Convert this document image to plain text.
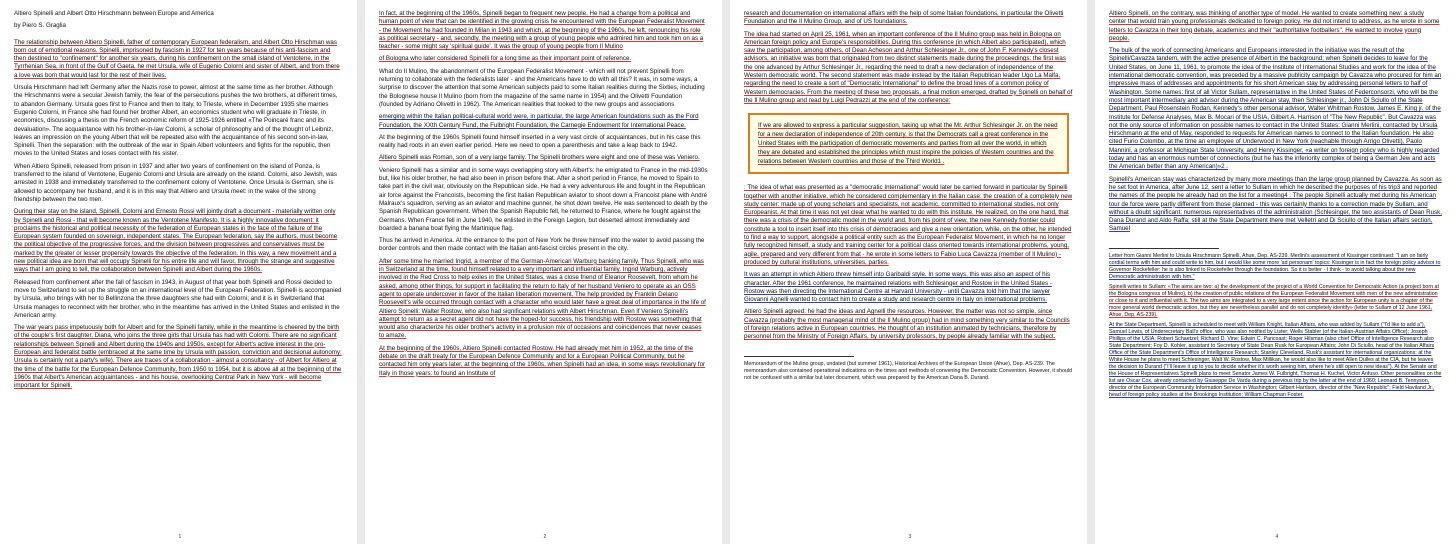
Altiero Spinelli and Albert Otto Hirschmann between Europe and America

by Piero S. Graglia

The relationship between Altiero Spinelli, father of contemporary European federalism, and Albert Otto Hirschman was born out of emotional reasons. Spinelli, imprisoned by fascism in 1927 for ten years because of his anti-fascism and then destined to "confinement" for another six years, during his confinement on the small island of Ventotene, in the Tyrrhenian Sea, in front of the Gulf of Gaeta, he met Ursula, wife of Eugenio Colorni and sister of Albert, and from there a love was born that would last for the rest of their lives.

Ursula Hirschmann had left Germany after the Nazis rose to power, almost at the same time as her brother. Although the Hirschmanns were a secular Jewish family, the fear of the persecutions pushes the two brothers, at different times, to abandon Germany. Ursula goes first to France and then to Italy, to Trieste, where in December 1935 she marries Eugenio Colorni, in France she had found her brother Albert, an economics student who will graduate in Trieste, in economics, discussing a thesis on the French economic reform of 1925-1926 entitled «The Poincaré franc and its devaluation». The acquaintance with his brother-in-law Colorni, a scholar of philosophy and of the thought of Leibniz, leaves an impression on the young Albert that will be repeated also with the acquaintance of his second son-in-law, Spinelli. Then the separation: with the outbreak of the war in Spain Albert volunteers and fights for the republic, then moves to the United States and loses contact with his sister.

When Altiero Spinelli, released from prison in 1937 and after two years of confinement on the island of Ponza, is transferred to the island of Ventotene, Eugenio Colorni and Ursula are already on the island. Colorni, also Jewish, was arrested in 1938 and immediately transferred to the confinement colony of Ventotene. Once Ursula is German, she is allowed to accompany her husband, and it is in this way that Altiero and Ursula meet: in the wake of the strong friendship between the two men.

During their stay on the island, Spinelli, Colorni and Ernesto Rossi will jointly draft a document - materially written only by Spinelli and Rossi - that will become known as the Ventotene Manifesto. It is a highly innovative document: it proclaims the historical and political necessity of the federation of European states in the face of the failure of the European system founded on sovereign, independent states. The European federation, say the authors, must become the political objective of the progressive forces, and the division between progressives and conservatives must be marked by the greater or lesser propensity towards the objective of the federation. In this way, a new movement and a new political idea are born that will occupy Spinelli for his entire life and will favor, through the strange and suggestive ways that I am going to tell, the collaboration between Spinelli and Albert during the 1960s.

Released from confinement after the fall of fascism in 1943, in August of that year both Spinelli and Rossi decided to move to Switzerland to set up the struggle on an international level of the European Federation. Spinelli is accompanied by Ursula, who brings with her to Bellinzona the three daughters she had with Colorni; and it is in Switzerland that Ursula manages to reconnect with her brother, who in the meantime has arrived in the United States and enlisted in the American army.

The war years pass impetuously both for Albert and for the Spinelli family, while in the meantime is cheered by the birth of the couple's first daughter, Diana, who joins the three girls that Ursula has had with Colorni. There are no significant relationships between Spinelli and Albert during the 1940s and 1950s, except for Albert's active interest in the pro-European and federalist battle (embraced at the same time by Ursula with passion, conviction and decisional autonomy: Ursula is certainly not a party's wife). There are traces of a collaboration - almost a consultancy - of Albert for Altiero at the time of the battle for the European Defence Community, from 1950 to 1954, but it is above all at the beginning of the 1960s that Albert's American acquaintances - and his house, overlooking Central Park in New York - will become important for Spinelli.

1

In fact, at the beginning of the 1960s, Spinelli began to frequent new people. He had a change from a political and human point of view that can be identified in the growing crisis he encountered with the European Federalist Movement - the Movement he had founded in Milan in 1943 and which, at the beginning of the 1960s, he left, renouncing his role as political secretary - and, secondly, the meeting with a group of young people who admired him and took him on as a teacher - some might say 'spiritual guide'. It was the group of young people from Il Mulino

of Bologna who later considered Spinelli for a long time as their important point of reference.

What do Il Mulino, the abandonment of the European Federalist Movement - which will not prevent Spinelli from returning to collaborate with the federalists later - and the Americans have to do with all this? It was, in some ways, a surprise to discover the attention that some American subjects paid to some Italian realities during the Sixties, including the Bolognese house Il Mulino (born from the magazine of the same name in 1954) and the Olivetti Foundation (founded by Adriano Olivetti in 1962). The American realities that looked to the new groups and associations

emerging within the Italian political-cultural world were, in particular, the large American foundations such as the Ford Foundation, the XXth Century Fund, the Fulbright Foundation, the Carnegie Endowment for International Peace.

At the beginning of the 1960s Spinelli found himself inserted in a very vast circle of acquaintances, but in his case this reality had roots in an even earlier period. Here we need to open a parenthesis and take a leap back to 1942.

Altiero Spinelli was Roman, son of a very large family. The Spinelli brothers were eight and one of these was Veniero.

Veniero Spinelli has a similar and in some ways overlapping story with Albert's: he emigrated to France in the mid-1930s but, like his older brother, he had also been in prison before that. After a short period in France, he moved to Spain to take part in the civil war, obviously on the Republican side. He had a very adventurous life and fought in the Republican air force against the Francoists, becoming the first Italian Republican aviator to shoot down a Francoist plane with André Malraux's squadron, serving as an aviator and machine gunner, he shot down twelve. He was sentenced to death by the Spanish Republican government. When the Spanish Republic fell, he returned to France, where he fought against the Germans. When France fell in June 1940, he enlisted in the Foreign Legion, but deserted almost immediately and boarded a banana boat flying the Martinique flag.

Thus he arrived in America. At the entrance to the port of New York he threw himself into the water to avoid passing the border controls and then made contact with the Italian anti-fascist circles present in the city.

After some time he married Ingrid, a member of the German-American Warburg banking family. Thus Spinelli, who was in Switzerland at the time, found himself related to a very important and influential family. Ingrid Warburg, actively involved in the Red Cross to help exiles in the United States, was a close friend of Eleanor Roosevelt, from whom he asked, among other things, for support in facilitating the return to Italy of her husband Veniero to operate as an OSS agent to operate undercover in favor of the Italian liberation movement. The help provided by Franklin Delano Roosevelt's wife occurred through contact with a character who would later have a great deal of importance in the life of Altiero Spinelli: Walter Rostow, who also had significant relations with Albert Hirschman. Even if Veniero Spinelli's attempt to return as a secret agent did not have the hoped-for success, his friendship with Rostow was something that would also characterize his older brother's activity in a profusion mix of occasions and coincidences that never ceases to amaze.

At the beginning of the 1960s, Altiero Spinelli contacted Rostow. He had already met him in 1952, at the time of the debate on the draft treaty for the European Defence Community and for a European Political Community, but he contacted him only years later, at the beginning of the 1960s, when Spinelli had an idea, in some ways revolutionary for Italy in those years: to found an Institute of

2

research and documentation on international affairs with the help of some Italian foundations, in particular the Olivetti Foundation and the Il Mulino Group, and of US foundations.

The idea had started on April 25, 1961, when an important conference of the Il Mulino group was held in Bologna on American foreign policy and Europe's responsibilities. During this conference (in which Albert also participated), which saw the participation, among others, of Dean Acheson and Arthur Schlesinger Jr., one of John F. Kennedy's closest advisors, an initiative was born that originated from two distinct statements made during the proceedings: the first was the one advanced by Arthur Schlesinger Jr., regarding the need to draft a new declaration of independence of the Western democratic world. The second statement was made instead by the Italian Republican leader Ugo La Malfa, regarding the need to create a sort of "Democratic International" to define the broad lines of a common policy of Western democracies. From the meeting of these two proposals, a final motion emerged, drafted by Spinelli on behalf of the Il Mulino group and read by Luigi Pedrazzi at the end of the conference:

If we are allowed to express a particular suggestion, taking up what the Mr. Arthur Schlesinger Jr. on the need for a new declaration of independence of 20th century, is that the Democrats call a great conference in the United States with the participation of democratic movements and parties from all over the world, in which they are debated and established the principles which must inspire the policies of Western countries and the relations between Western countries and those of the Third World1 .

: The idea of what was presented as a "democratic International" would later be carried forward in particular by Spinelli together with another initiative, which he considered complementary in the Italian case: the creation of a completely new study center: made up of young scholars and specialists, not academic, committed to international studies, not only Europeanist. At that time it was not yet clear what he wanted to do with this institute. He realized, on the one hand, that there was a crisis of the democratic model in the world and, from his point of view, the new Kennedy frontier could constitute a tool to insert itself into this crisis of democracies and give a new orientation, while, on the other, he intended to find a way to support, alongside a political entity such as the European Federalist Movement, in which he no longer fully recognized himself, a study and training center for a political class oriented towards international problems, young, agile, prepared and very different from that - he wrote in some letters to Fabio Luca Cavazza (member of Il Mulino) - produced by cultural institutions, universities, parties.

It was an attempt in which Altiero threw himself into Garibaldi style. In some ways, this was also an aspect of his character. After the 1961 conference, he maintained relations with Schlesinger and Rostow in the United States - Rostow was then directing the International Centre at Harvard University - until Cavazza told him that the lawyer Giovanni Agnelli wanted to contact him to create a study and research centre in Italy on international problems.

Altiero Spinelli agreed: he had the ideas and Agnelli the resources. However, the matter was not so simple, since Cavazza (probably the most managerial mind of the Il Mulino group) had in mind something very similar to the Councils of foreign relations active in European countries. He thought of an institution animated by technicians, therefore by personnel from the Ministry of Foreign Affairs, by university professors, by people already familiar with the subject.

Memorandum of the Mulino group, undated (but summer 1961), Historical Archives of the European Union (Ahue), Dep. AS-239. The memorandum also contained operational indications on the times and methods of convening the Democratic Convention. However, it should not be confused with a similar but later document, which was prepared by the American Dana B. Durand.

3

Altiero Spinelli, on the contrary, was thinking of another type of model. He wanted to create something new: a study center that would train young professionals dedicated to foreign policy. He did not intend to address, as he wrote in some letters to Cavazza in their long debate, academics and their "authoritative footballers". He wanted to involve young people.

The bulk of the work of connecting Americans and Europeans interested in the initiative was the result of the Spinelli/Cavazza tandem, with the active presence of Albert in the background; when Spinelli decides to leave for the United States, on June 11, 1961, to promote the idea of the Institute of International Studies and work for the idea of the international democratic convention, was preceded by a massive publicity campaign by Cavazza who procured for him an impressive mass of addresses and appointments for his short American stay by addressing personal letters to half of Washington. Some names: first of all Victor Sullam, representative in the United States of Federconsorzi, who will be the most important intermediary and advisor during the American stay, then Schlesinger jr., John Di Sciullo of the State Department, Paul Rosenstein Rodan, Kennedy's other personal advisor, Walter Whitman Rostow, James E. King jr. of the Institute for Defense Analyses, Max B. Mocari of the USIA, Gilbert A. Harrison of "The New Republic". But Cavazza was not the only source of information on possible names to contact in the United States: Gianni Merlini, contacted by Ursula Hirschmann at the end of May, responded to requests for American names to connect to the Italian foundation. He also cited Furio Colombo, at the time an employee of Underwood in New York (reachable through Arrigo Olivetti), Paolo Mannini, a professor at Michigan State University, and Henry Kissinger, «a writer on foreign policy who is highly regarded today and has an enormous number of connections (but he has the inferiority complex of being a German Jew and acts the American better than any American)»2 .

Spinelli's American stay was characterized by many more meetings than the large group planned by Cavazza. As soon as he set foot in America, after June 12, sent a letter to Sullam in which he described the purposes of his trip3 and reported the names of the people he already had on the list for a meeting4 . The people Spinelli actually met during his American tour de force were partly different from those planned - this was certainly thanks to a correction made by Sullam, and without a doubt significant: numerous representatives of the administration (Schlesinger, the two assistants of Dean Rusk, Dana Durand and Aldo Raffa; still at the State Department there met Velletri and Di Sciullo of the Italian affairs section, Samuel

Letter from Gianni Merlini to Ursula Hirschmann Spinelli, Ahue, Dep. AS-239. Merlini's assessment of Kissinger continued: "I am on fairly cordial terms with him and could write to him, but I would like some more 'ad personam' topics: Kissinger is in fact the foreign policy advisor to Governor Rockefeller: he is also linked to Rockefeller through the foundation. So it is better - I think - to avoid talking about the new Democratic administration with him."

Spinelli writes to Sullam: «The aims are two: a) the development of the project of a World Convention for Democratic Action (a project born at the Bologna congress of Mulino), b) the creation of public relations of the European Federalist Movement with men of the new administration or close to it and influential with it. The two aims are integrated to a very large extent since the action for European unity is a chapter of the more general world democratic action, but they are nevertheless parallel and do not completely identify» (letter to Sullam of 12 June 1961, Ahue, Dep. AS-239).

At the State Department, Spinelli is scheduled to meet with William Knight, Italian Affairs, who was added by Sullam ("I'd like to add a"), Samuel Lewis, of Underecretary Ball's office, who was also notified by Lister; Wells Stabler (of the Italian-Austrian Affairs Office); Joseph Phillips of the USIA; Robert Schaetzel; Richard D. Vine; Edwin C. Pancoast; Roger Hilsman (also chief Office of Intelligence Research also State Department; Foy D. Kohler, assistant to Secretary of State Dean Rusk for European Affairs; John Di Sciullo, head of the Italian Affairs Office of the State Department's Office of Intelligence Research; Stanley Cleveland, Rusk's assistant for international organizations; at the White House he plans to meet Schlesinger, Walt W. Rostow, Max Millikan, he would also like to meet Allen Dulles at the CIA, but he leaves the decision to Durand ("I'll leave it up to you to decide whether it's worth seeing him, where he's still open to new ideas"). At the Senate and the House of Representatives Spinelli plans to meet Senator James W. Fulbright, Thomas H. Kuchel, Victor Anfuso. Other personalities on the list are Oscar Cox, already contacted by Giuseppe De Varda during a previous trip by the latter at the end of 1960; Leonard B. Tennyson, director of the European Community Information Service in Washington; Gilbert Harrison, director of the "New Republic"; Field Haviland Jr., head of foreign policy studies at the Brookings Institution; William Chapman Foster.

4
